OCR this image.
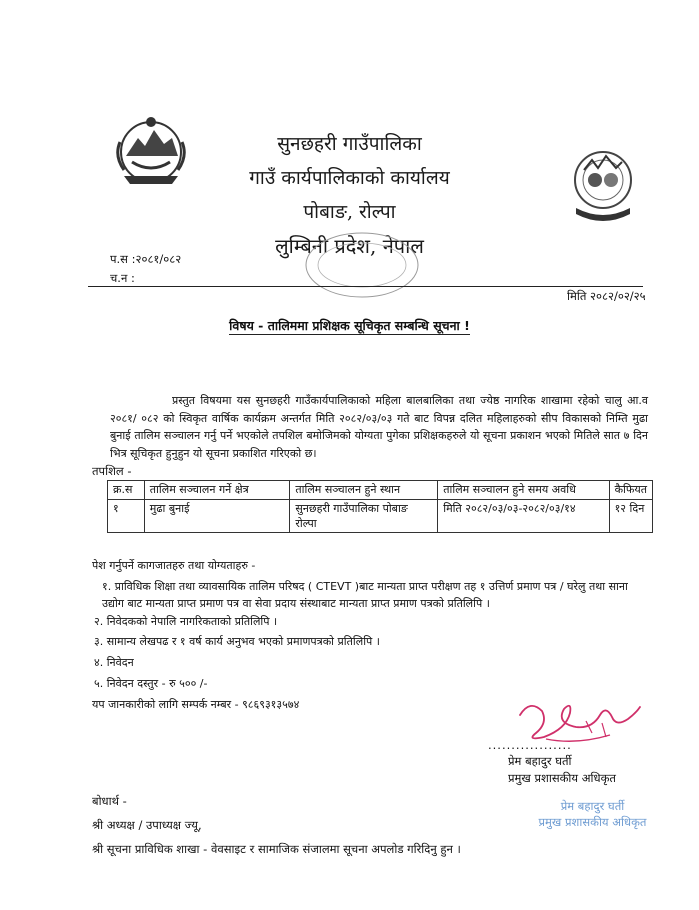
सुनछहरी गाउँपालिका
गाउँ कार्यपालिकाको कार्यालय
पोबाङ, रोल्पा
लुम्बिनी प्रदेश, नेपाल
प.स :२०८१/०८२
च.न :
मिति २०८२/०२/२५
विषय - तालिममा प्रशिक्षक सूचिकृत सम्बन्धि सूचना !
प्रस्तुत विषयमा यस सुनछहरी गाउँकार्यपालिकाको महिला बालबालिका तथा ज्येष्ठ नागरिक शाखामा रहेको चालु आ.व २०८१/ ०८२ को स्विकृत वार्षिक कार्यक्रम अन्तर्गत मिति २०८२/०३/०३ गते बाट विपन्न दलित महिलाहरुको सीप विकासको निम्ति मुढा बुनाई तालिम सञ्चालन गर्नु पर्ने भएकोले तपशिल बमोजिमको योग्यता पुगेका प्रशिक्षकहरुले यो सूचना प्रकाशन भएको मितिले सात ७ दिन भित्र सूचिकृत हुनुहुन यो सूचना प्रकाशित गरिएको छ।
तपशिल -
क्र.स	तालिम सञ्चालन गर्ने क्षेत्र	तालिम सञ्चालन हुने स्थान	तालिम सञ्चालन हुने समय अवधि	कैफियत
१	मुढा बुनाई	सुनछहरी गाउँपालिका पोबाङ रोल्पा	मिति २०८२/०३/०३-२०८२/०३/१४	१२ दिन
पेश गर्नुपर्ने कागजातहरु तथा योग्यताहरु -
१. प्राविधिक शिक्षा तथा व्यावसायिक तालिम परिषद ( CTEVT )बाट मान्यता प्राप्त परीक्षण तह १ उत्तिर्ण प्रमाण पत्र / घरेलु तथा साना उद्योग बाट मान्यता प्राप्त प्रमाण पत्र वा सेवा प्रदाय संस्थाबाट मान्यता प्राप्त प्रमाण पत्रको प्रतिलिपि ।
२. निवेदकको नेपालि नागरिकताको प्रतिलिपि ।
३. सामान्य लेखपढ र १ वर्ष कार्य अनुभव भएको प्रमाणपत्रको प्रतिलिपि ।
४. निवेदन
५. निवेदन दस्तुर - रु ५०० /-
यप जानकारीको लागि सम्पर्क नम्बर - ९८६९३१३५७४
..................
प्रेम बहादुर घर्ती
प्रमुख प्रशासकीय अधिकृत
प्रेम बहादुर घर्ती
प्रमुख प्रशासकीय अधिकृत
बोधार्थ -
श्री अध्यक्ष / उपाध्यक्ष ज्यू,
श्री सूचना प्राविधिक शाखा - वेवसाइट र सामाजिक संजालमा सूचना अपलोड गरिदिनु हुन ।
